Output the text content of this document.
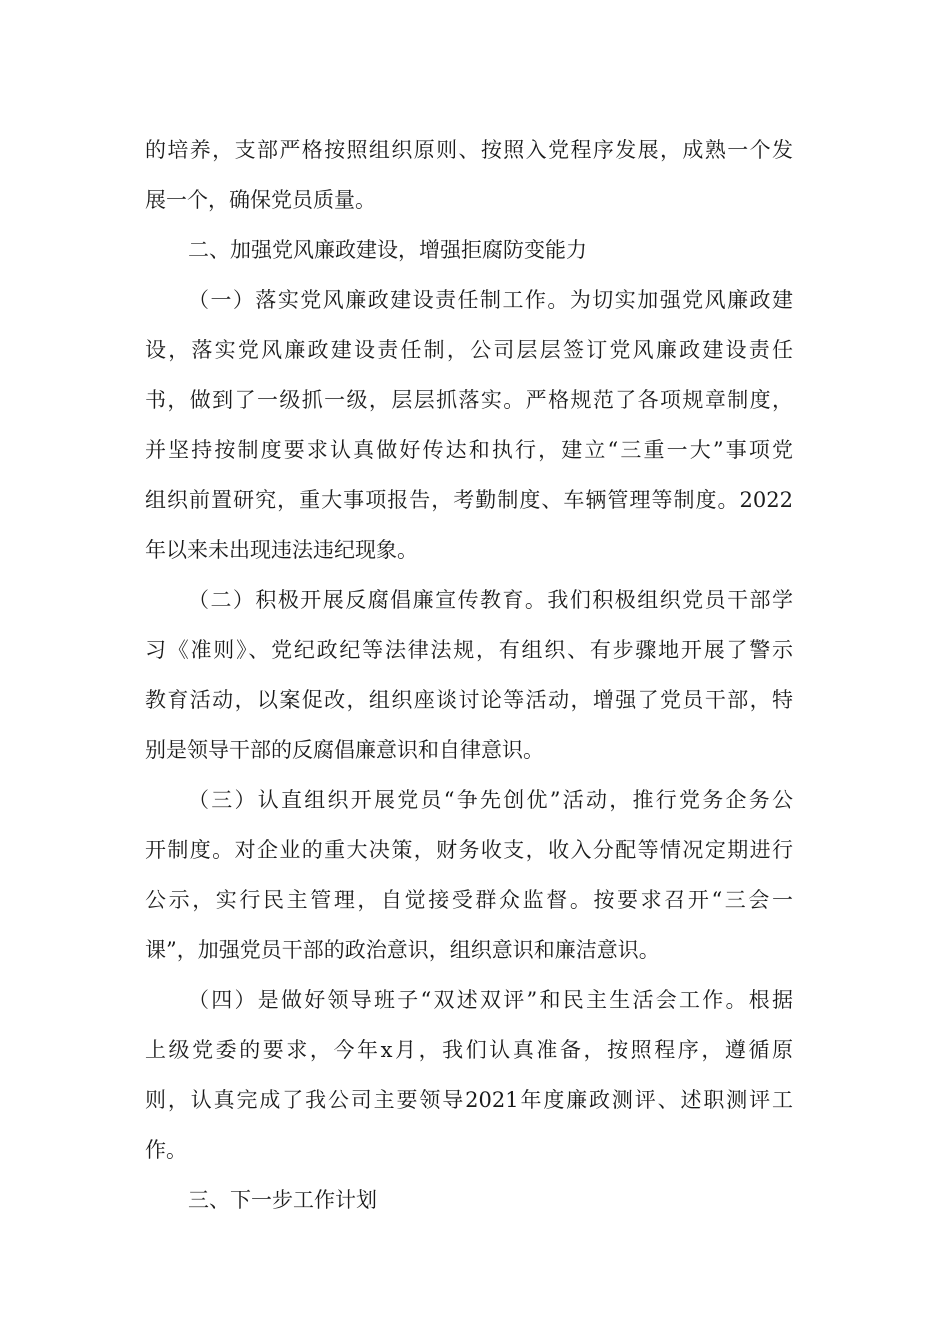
的培养，支部严格按照组织原则、按照入党程序发展，成熟一个发
展一个，确保党员质量。
二、加强党风廉政建设，增强拒腐防变能力
（一）落实党风廉政建设责任制工作。为切实加强党风廉政建
设，落实党风廉政建设责任制，公司层层签订党风廉政建设责任
书，做到了一级抓一级，层层抓落实。严格规范了各项规章制度，
并坚持按制度要求认真做好传达和执行，建立“三重一大”事项党
组织前置研究，重大事项报告，考勤制度、车辆管理等制度。2022
年以来未出现违法违纪现象。
（二）积极开展反腐倡廉宣传教育。我们积极组织党员干部学
习《准则》、党纪政纪等法律法规，有组织、有步骤地开展了警示
教育活动，以案促改，组织座谈讨论等活动，增强了党员干部，特
别是领导干部的反腐倡廉意识和自律意识。
（三）认直组织开展党员“争先创优”活动，推行党务企务公
开制度。对企业的重大决策，财务收支，收入分配等情况定期进行
公示，实行民主管理，自觉接受群众监督。按要求召开“三会一
课”，加强党员干部的政治意识，组织意识和廉洁意识。
（四）是做好领导班子“双述双评”和民主生活会工作。根据
上级党委的要求，今年x月，我们认真准备，按照程序，遵循原
则，认真完成了我公司主要领导2021年度廉政测评、述职测评工
作。
三、下一步工作计划
